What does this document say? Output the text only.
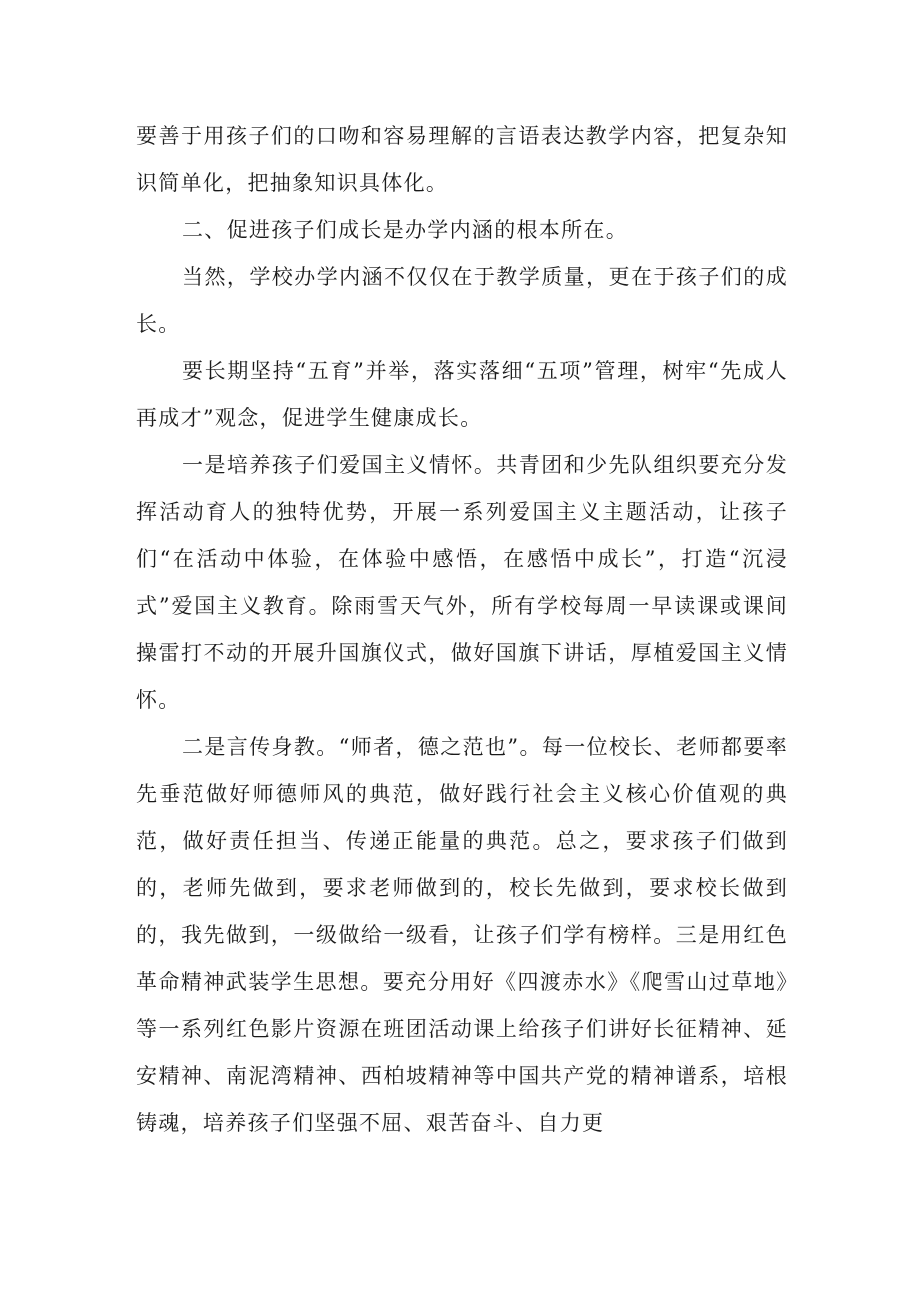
要善于用孩子们的口吻和容易理解的言语表达教学内容，把复杂知识简单化，把抽象知识具体化。

二、促进孩子们成长是办学内涵的根本所在。

当然，学校办学内涵不仅仅在于教学质量，更在于孩子们的成长。

要长期坚持“五育”并举，落实落细“五项”管理，树牢“先成人再成才”观念，促进学生健康成长。

一是培养孩子们爱国主义情怀。共青团和少先队组织要充分发挥活动育人的独特优势，开展一系列爱国主义主题活动，让孩子们“在活动中体验，在体验中感悟，在感悟中成长”，打造“沉浸式”爱国主义教育。除雨雪天气外，所有学校每周一早读课或课间操雷打不动的开展升国旗仪式，做好国旗下讲话，厚植爱国主义情怀。

二是言传身教。“师者，德之范也”。每一位校长、老师都要率先垂范做好师德师风的典范，做好践行社会主义核心价值观的典范，做好责任担当、传递正能量的典范。总之，要求孩子们做到的，老师先做到，要求老师做到的，校长先做到，要求校长做到的，我先做到，一级做给一级看，让孩子们学有榜样。三是用红色革命精神武装学生思想。要充分用好《四渡赤水》《爬雪山过草地》等一系列红色影片资源在班团活动课上给孩子们讲好长征精神、延安精神、南泥湾精神、西柏坡精神等中国共产党的精神谱系，培根铸魂，培养孩子们坚强不屈、艰苦奋斗、自力更
